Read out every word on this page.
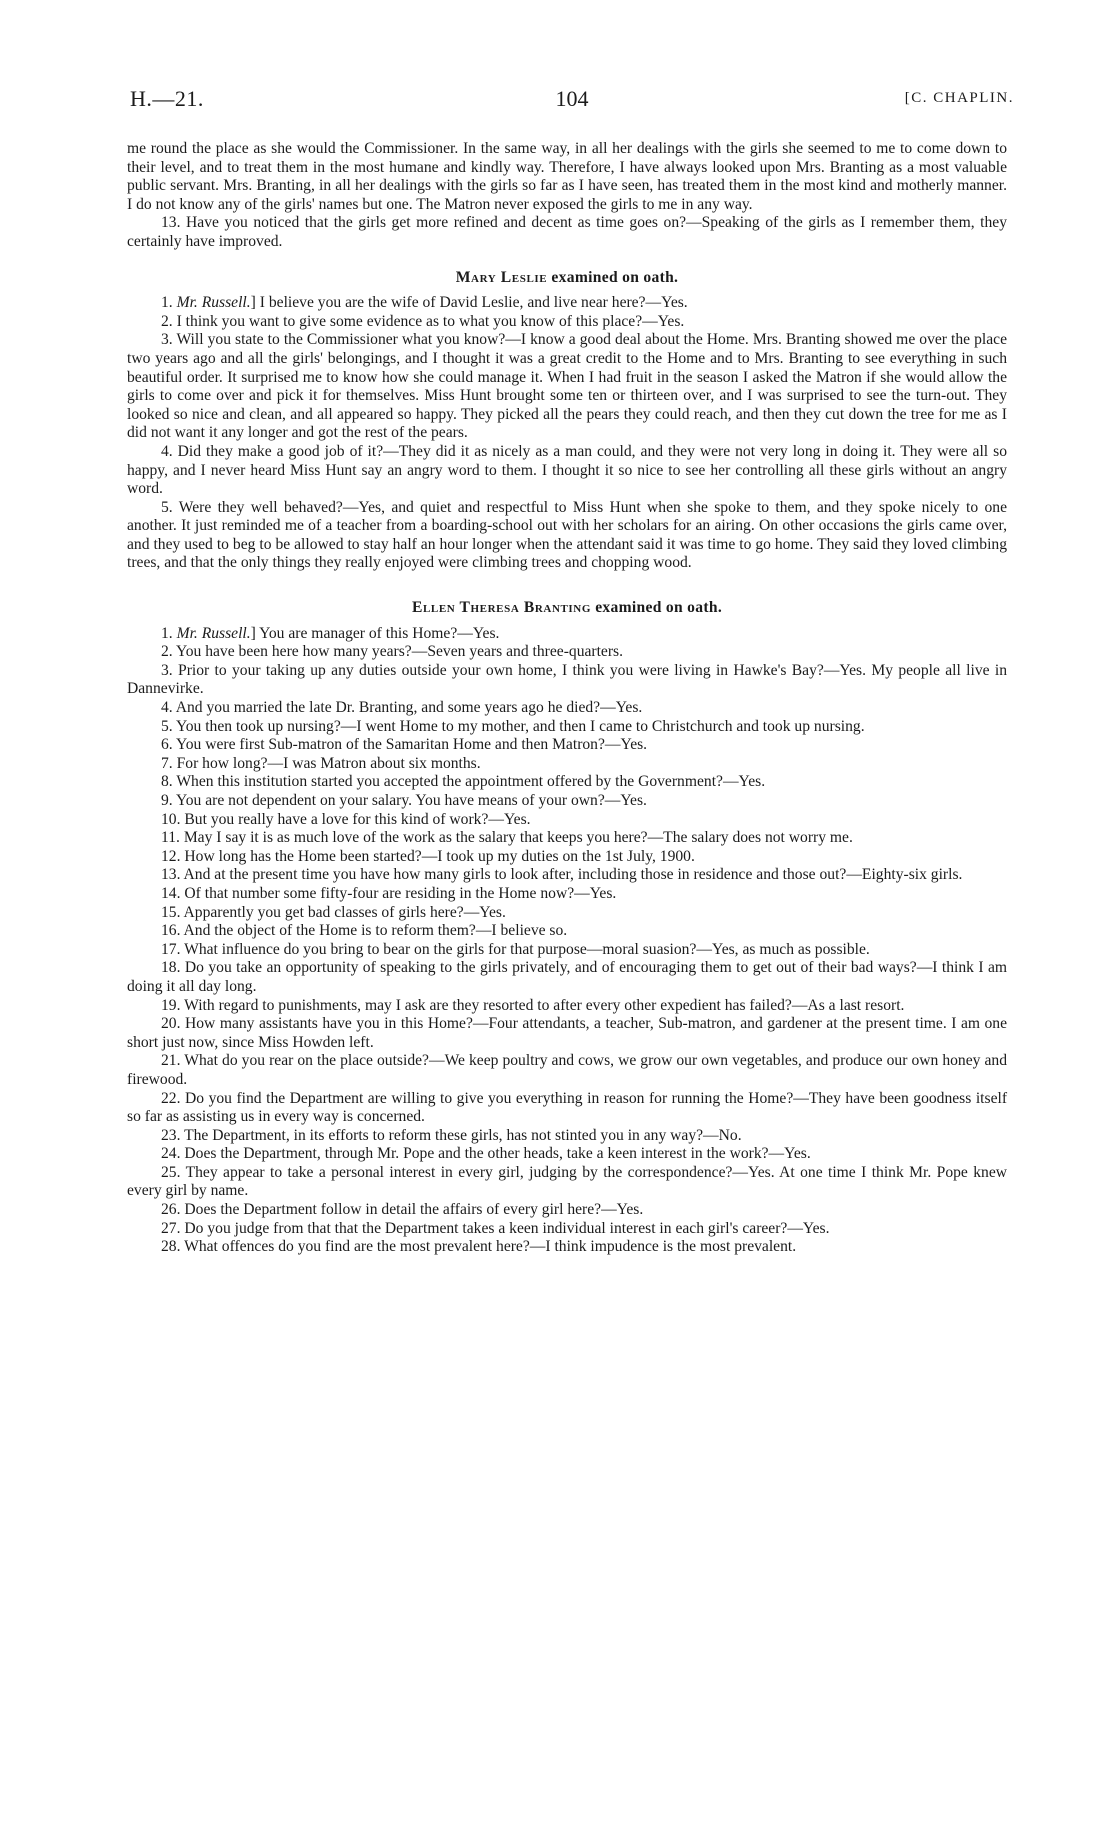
H.—21.	104	[C. CHAPLIN.

me round the place as she would the Commissioner. In the same way, in all her dealings with the girls she seemed to me to come down to their level, and to treat them in the most humane and kindly way. Therefore, I have always looked upon Mrs. Branting as a most valuable public servant. Mrs. Branting, in all her dealings with the girls so far as I have seen, has treated them in the most kind and motherly manner. I do not know any of the girls' names but one. The Matron never exposed the girls to me in any way.

13. Have you noticed that the girls get more refined and decent as time goes on?—Speaking of the girls as I remember them, they certainly have improved.

Mary Leslie examined on oath.

1. Mr. Russell.] I believe you are the wife of David Leslie, and live near here?—Yes.

2. I think you want to give some evidence as to what you know of this place?—Yes.

3. Will you state to the Commissioner what you know?—I know a good deal about the Home. Mrs. Branting showed me over the place two years ago and all the girls' belongings, and I thought it was a great credit to the Home and to Mrs. Branting to see everything in such beautiful order. It surprised me to know how she could manage it. When I had fruit in the season I asked the Matron if she would allow the girls to come over and pick it for themselves. Miss Hunt brought some ten or thirteen over, and I was surprised to see the turn-out. They looked so nice and clean, and all appeared so happy. They picked all the pears they could reach, and then they cut down the tree for me as I did not want it any longer and got the rest of the pears.

4. Did they make a good job of it?—They did it as nicely as a man could, and they were not very long in doing it. They were all so happy, and I never heard Miss Hunt say an angry word to them. I thought it so nice to see her controlling all these girls without an angry word.

5. Were they well behaved?—Yes, and quiet and respectful to Miss Hunt when she spoke to them, and they spoke nicely to one another. It just reminded me of a teacher from a boarding-school out with her scholars for an airing. On other occasions the girls came over, and they used to beg to be allowed to stay half an hour longer when the attendant said it was time to go home. They said they loved climbing trees, and that the only things they really enjoyed were climbing trees and chopping wood.

Ellen Theresa Branting examined on oath.

1. Mr. Russell.] You are manager of this Home?—Yes.

2. You have been here how many years?—Seven years and three-quarters.

3. Prior to your taking up any duties outside your own home, I think you were living in Hawke's Bay?—Yes. My people all live in Dannevirke.

4. And you married the late Dr. Branting, and some years ago he died?—Yes.

5. You then took up nursing?—I went Home to my mother, and then I came to Christchurch and took up nursing.

6. You were first Sub-matron of the Samaritan Home and then Matron?—Yes.

7. For how long?—I was Matron about six months.

8. When this institution started you accepted the appointment offered by the Government?—Yes.

9. You are not dependent on your salary. You have means of your own?—Yes.

10. But you really have a love for this kind of work?—Yes.

11. May I say it is as much love of the work as the salary that keeps you here?—The salary does not worry me.

12. How long has the Home been started?—I took up my duties on the 1st July, 1900.

13. And at the present time you have how many girls to look after, including those in residence and those out?—Eighty-six girls.

14. Of that number some fifty-four are residing in the Home now?—Yes.

15. Apparently you get bad classes of girls here?—Yes.

16. And the object of the Home is to reform them?—I believe so.

17. What influence do you bring to bear on the girls for that purpose—moral suasion?—Yes, as much as possible.

18. Do you take an opportunity of speaking to the girls privately, and of encouraging them to get out of their bad ways?—I think I am doing it all day long.

19. With regard to punishments, may I ask are they resorted to after every other expedient has failed?—As a last resort.

20. How many assistants have you in this Home?—Four attendants, a teacher, Sub-matron, and gardener at the present time. I am one short just now, since Miss Howden left.

21. What do you rear on the place outside?—We keep poultry and cows, we grow our own vegetables, and produce our own honey and firewood.

22. Do you find the Department are willing to give you everything in reason for running the Home?—They have been goodness itself so far as assisting us in every way is concerned.

23. The Department, in its efforts to reform these girls, has not stinted you in any way?—No.

24. Does the Department, through Mr. Pope and the other heads, take a keen interest in the work?—Yes.

25. They appear to take a personal interest in every girl, judging by the correspondence?—Yes. At one time I think Mr. Pope knew every girl by name.

26. Does the Department follow in detail the affairs of every girl here?—Yes.

27. Do you judge from that that the Department takes a keen individual interest in each girl's career?—Yes.

28. What offences do you find are the most prevalent here?—I think impudence is the most prevalent.
